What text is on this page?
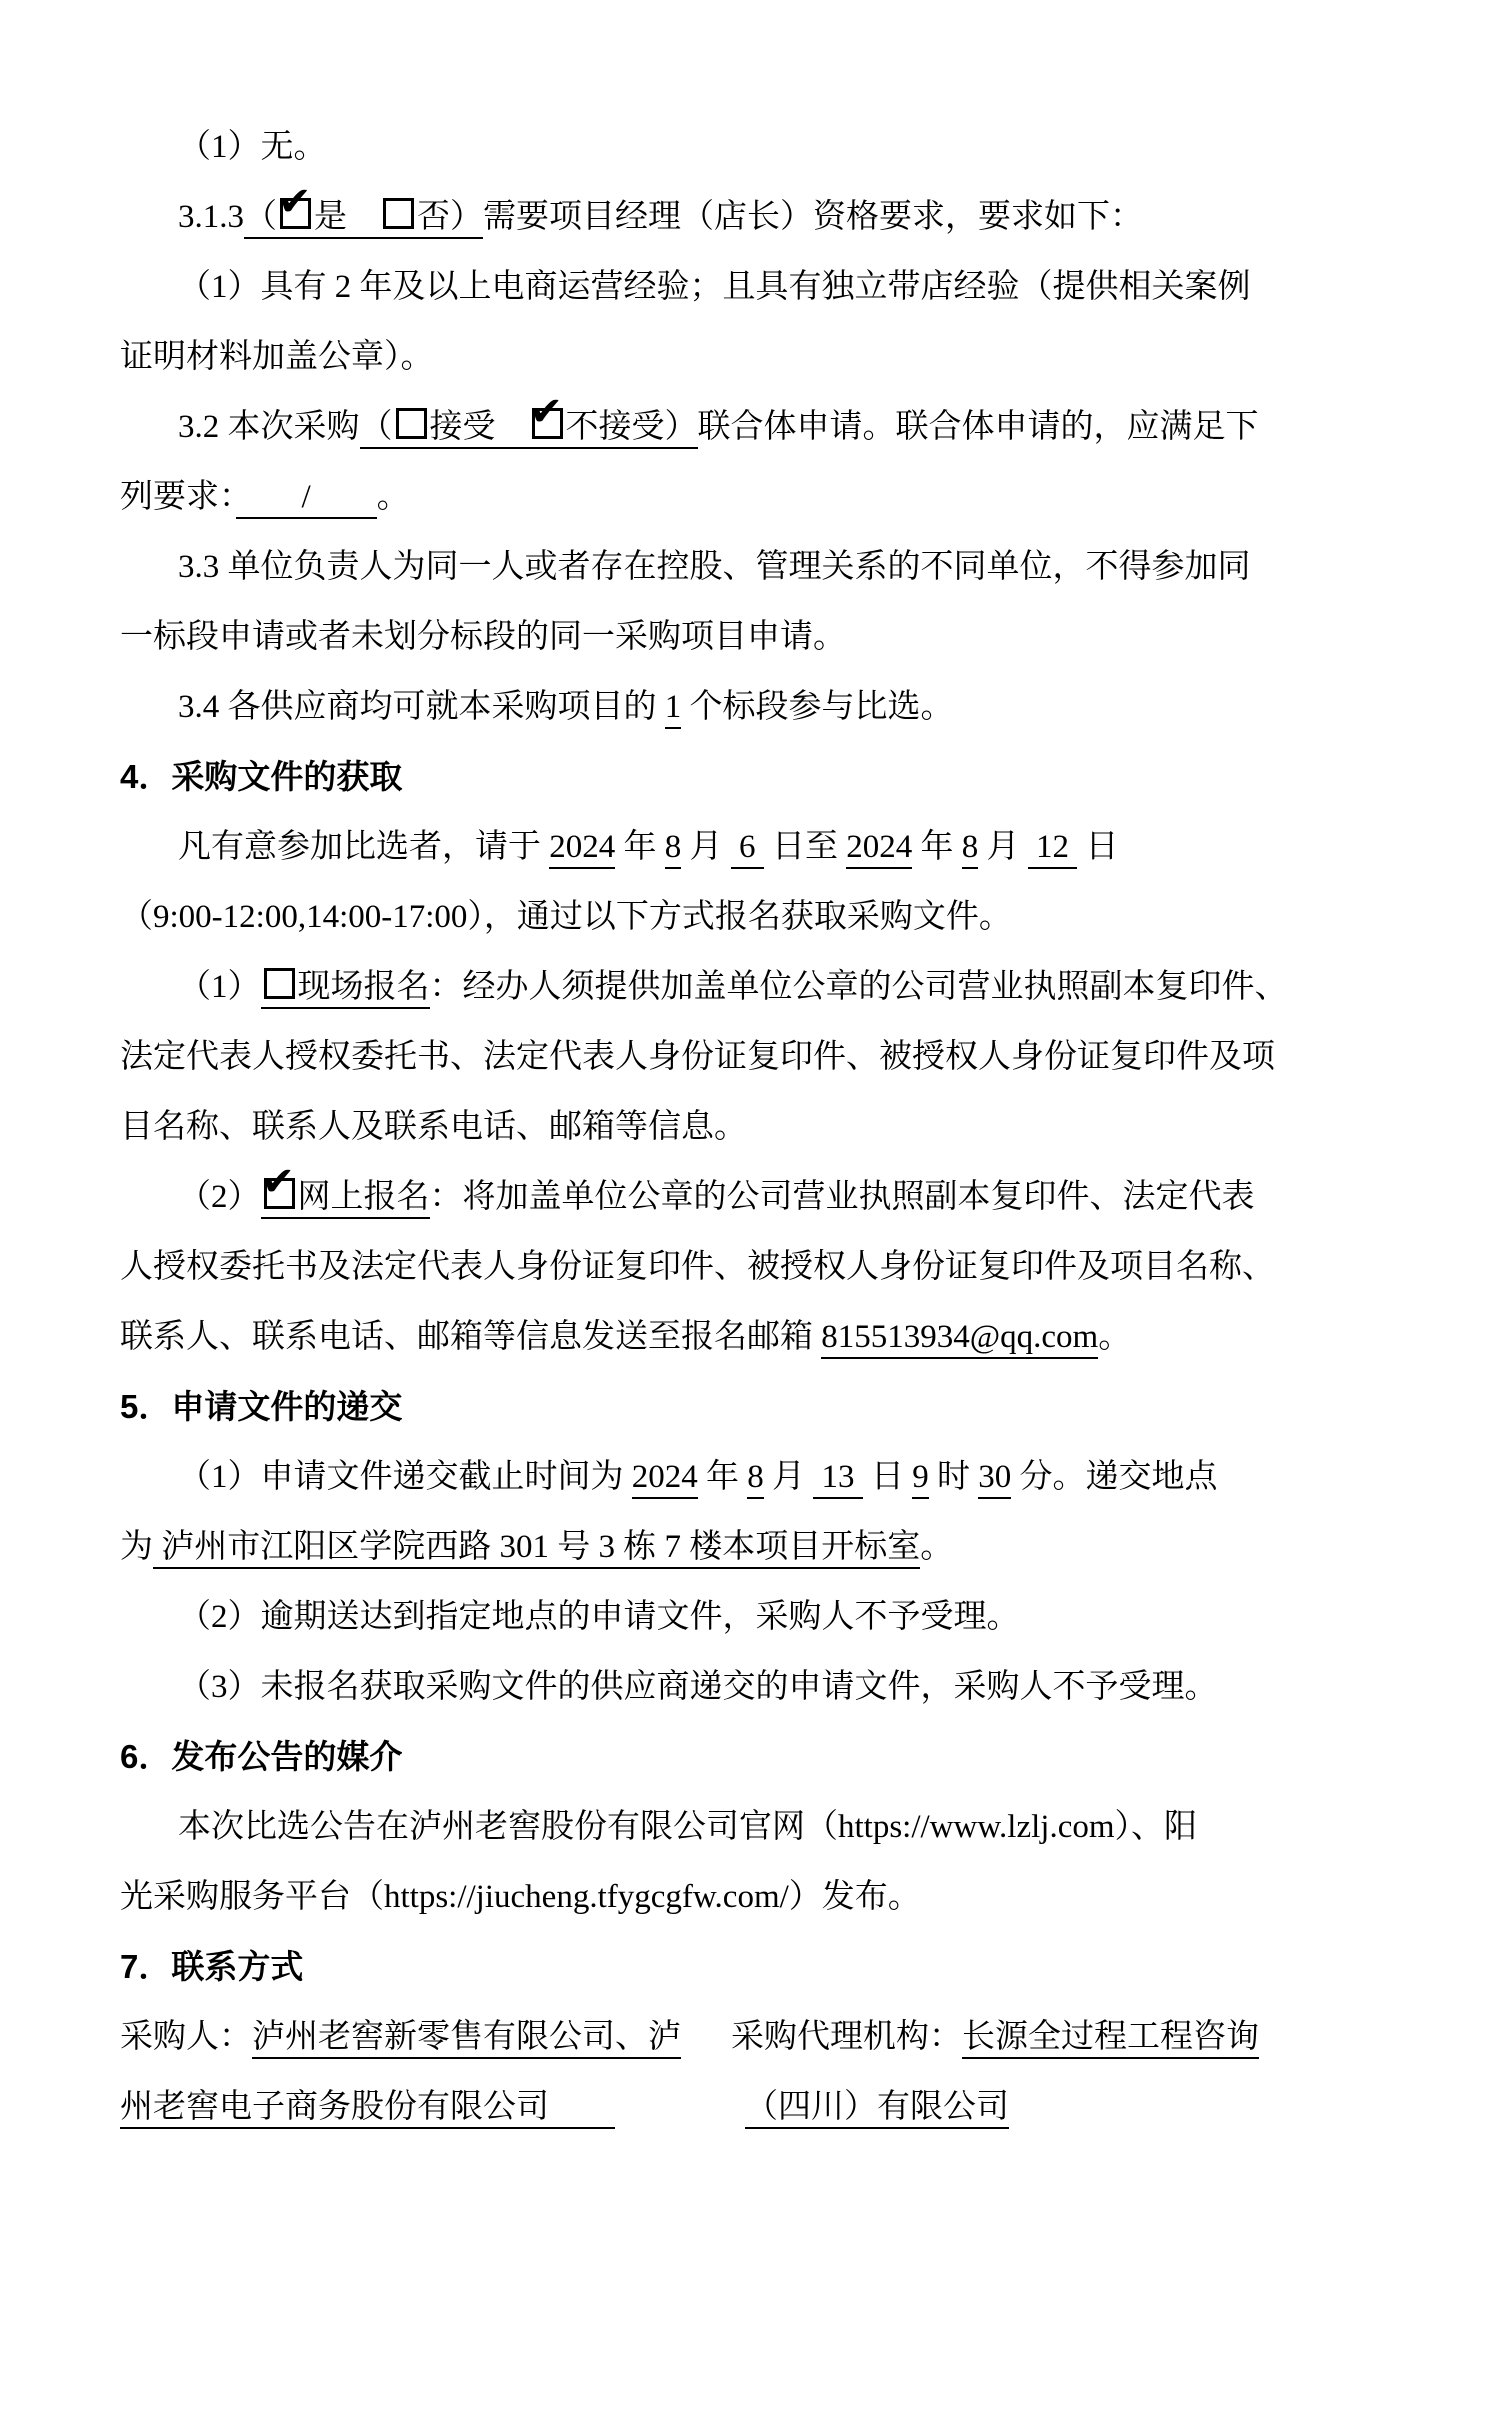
（1）无。
3.1.3（ ✔ 是　否）需要项目经理（店长）资格要求，要求如下：
（1）具有 2 年及以上电商运营经验；且具有独立带店经验（提供相关案例
证明材料加盖公章）。
3.2 本次采购（ 接受　✔不接受）联合体申请。联合体申请的，应满足下
列要求：　　/　　。
3.3 单位负责人为同一人或者存在控股、管理关系的不同单位，不得参加同
一标段申请或者未划分标段的同一采购项目申请。
3.4 各供应商均可就本采购项目的 1 个标段参与比选。
4．采购文件的获取
凡有意参加比选者，请于 2024 年 8 月  6  日至 2024 年 8 月  12  日
（9:00-12:00,14:00-17:00），通过以下方式报名获取采购文件。
（1） 现场报名：经办人须提供加盖单位公章的公司营业执照副本复印件、
法定代表人授权委托书、法定代表人身份证复印件、被授权人身份证复印件及项
目名称、联系人及联系电话、邮箱等信息。
（2） ✔ 网上报名：将加盖单位公章的公司营业执照副本复印件、法定代表
人授权委托书及法定代表人身份证复印件、被授权人身份证复印件及项目名称、
联系人、联系电话、邮箱等信息发送至报名邮箱 815513934@qq.com。
5．申请文件的递交
（1）申请文件递交截止时间为 2024 年 8 月  13  日 9 时 30 分。递交地点
为 泸州市江阳区学院西路 301 号 3 栋 7 楼本项目开标室。
（2）逾期送达到指定地点的申请文件，采购人不予受理。
（3）未报名获取采购文件的供应商递交的申请文件，采购人不予受理。
6．发布公告的媒介
本次比选公告在泸州老窖股份有限公司官网（https://www.lzlj.com）、阳
光采购服务平台（https://jiucheng.tfygcgfw.com/）发布。
7．联系方式
采购人：泸州老窖新零售有限公司、泸 采购代理机构：长源全过程工程咨询
州老窖电子商务股份有限公司　　	（四川）有限公司
